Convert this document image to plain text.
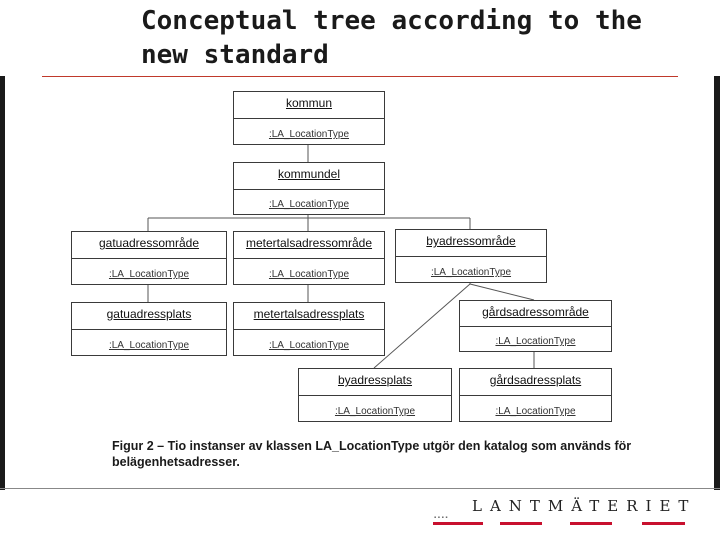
Conceptual tree according to the new standard
kommun
:LA_LocationType
kommundel
:LA_LocationType
gatuadressområde
:LA_LocationType
metertalsadressområde
:LA_LocationType
byadressområde
:LA_LocationType
gatuadressplats
:LA_LocationType
metertalsadressplats
:LA_LocationType
gårdsadressområde
:LA_LocationType
byadressplats
:LA_LocationType
gårdsadressplats
:LA_LocationType
Figur 2 – Tio instanser av klassen LA_LocationType utgör den katalog som används för belägenhetsadresser.
▪ ▪ ▪ ▪
LANTMÄTERIET
